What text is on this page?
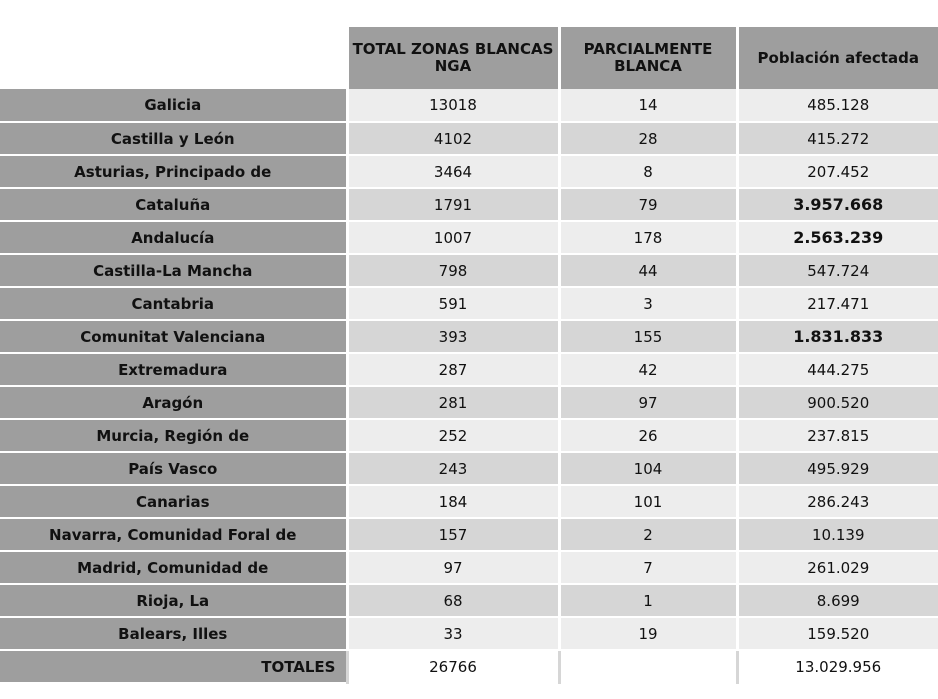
	TOTAL ZONAS BLANCAS NGA	PARCIALMENTE BLANCA	Población afectada
Galicia	13018	14	485.128
Castilla y León	4102	28	415.272
Asturias, Principado de	3464	8	207.452
Cataluña	1791	79	3.957.668
Andalucía	1007	178	2.563.239
Castilla-La Mancha	798	44	547.724
Cantabria	591	3	217.471
Comunitat Valenciana	393	155	1.831.833
Extremadura	287	42	444.275
Aragón	281	97	900.520
Murcia, Región de	252	26	237.815
País Vasco	243	104	495.929
Canarias	184	101	286.243
Navarra, Comunidad Foral de	157	2	10.139
Madrid, Comunidad de	97	7	261.029
Rioja, La	68	1	8.699
Balears, Illes	33	19	159.520
TOTALES	26766		13.029.956
